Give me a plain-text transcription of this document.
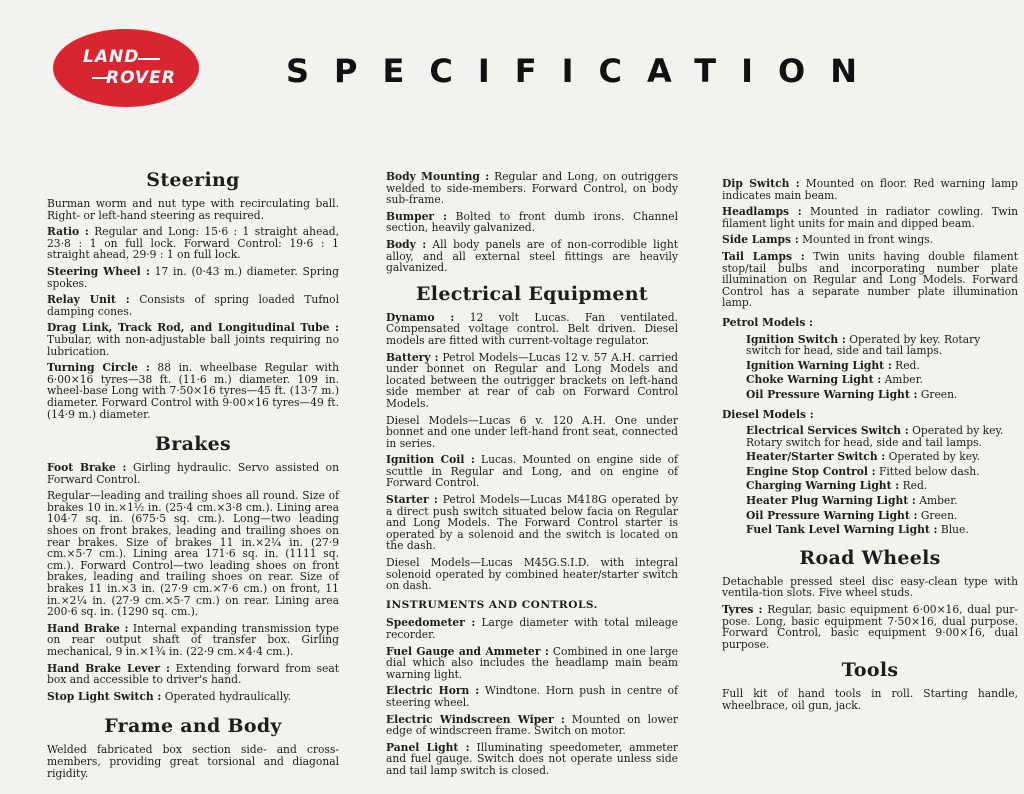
LAND
ROVER	SPECIFICATION
Steering

Burman worm and nut type with recirculating ball. Right- or left-hand steering as required.

Ratio : Regular and Long: 15·6 : 1 straight ahead, 23·8 : 1 on full lock. Forward Control: 19·6 : 1 straight ahead, 29·9 : 1 on full lock.

Steering Wheel : 17 in. (0·43 m.) diameter. Spring spokes.

Relay Unit : Consists of spring loaded Tufnol damping cones.

Drag Link, Track Rod, and Longitudinal Tube : Tubular, with non-adjustable ball joints requiring no lubrication.

Turning Circle : 88 in. wheelbase Regular with 6·00×16 tyres—38 ft. (11·6 m.) diameter. 109 in. wheel-base Long with 7·50×16 tyres—45 ft. (13·7 m.) diameter. Forward Control with 9·00×16 tyres—49 ft. (14·9 m.) diameter.

Brakes

Foot Brake : Girling hydraulic. Servo assisted on Forward Control.

Regular—leading and trailing shoes all round. Size of brakes 10 in.×1½ in. (25·4 cm.×3·8 cm.). Lining area 104·7 sq. in. (675·5 sq. cm.). Long—two leading shoes on front brakes, leading and trailing shoes on rear brakes. Size of brakes 11 in.×2¼ in. (27·9 cm.×5·7 cm.). Lining area 171·6 sq. in. (1111 sq. cm.). Forward Control—two leading shoes on front brakes, leading and trailing shoes on rear. Size of brakes 11 in.×3 in. (27·9 cm.×7·6 cm.) on front, 11 in.×2¼ in. (27·9 cm.×5·7 cm.) on rear. Lining area 200·6 sq. in. (1290 sq. cm.).

Hand Brake : Internal expanding transmission type on rear output shaft of transfer box. Girling mechanical, 9 in.×1¾ in. (22·9 cm.×4·4 cm.).

Hand Brake Lever : Extending forward from seat box and accessible to driver's hand.

Stop Light Switch : Operated hydraulically.

Frame and Body

Welded fabricated box section side- and cross-members, providing great torsional and diagonal rigidity.

Body Mounting : Regular and Long, on outriggers welded to side-members. Forward Control, on body sub-frame.

Bumper : Bolted to front dumb irons. Channel section, heavily galvanized.

Body : All body panels are of non-corrodible light alloy, and all external steel fittings are heavily galvanized.

Electrical Equipment

Dynamo : 12 volt Lucas. Fan ventilated. Compensated voltage control. Belt driven. Diesel models are fitted with current-voltage regulator.

Battery : Petrol Models—Lucas 12 v. 57 A.H. carried under bonnet on Regular and Long Models and located between the outrigger brackets on left-hand side member at rear of cab on Forward Control Models.

Diesel Models—Lucas 6 v. 120 A.H. One under bonnet and one under left-hand front seat, connected in series.

Ignition Coil : Lucas. Mounted on engine side of scuttle in Regular and Long, and on engine of Forward Control.

Starter : Petrol Models—Lucas M418G operated by a direct push switch situated below facia on Regular and Long Models. The Forward Control starter is operated by a solenoid and the switch is located on the dash.

Diesel Models—Lucas M45G.S.I.D. with integral solenoid operated by combined heater/starter switch on dash.

INSTRUMENTS AND CONTROLS.

Speedometer : Large diameter with total mileage recorder.

Fuel Gauge and Ammeter : Combined in one large dial which also includes the headlamp main beam warning light.

Electric Horn : Windtone. Horn push in centre of steering wheel.

Electric Windscreen Wiper : Mounted on lower edge of windscreen frame. Switch on motor.

Panel Light : Illuminating speedometer, ammeter and fuel gauge. Switch does not operate unless side and tail lamp switch is closed.

Dip Switch : Mounted on floor. Red warning lamp indicates main beam.

Headlamps : Mounted in radiator cowling. Twin filament light units for main and dipped beam.

Side Lamps : Mounted in front wings.

Tail Lamps : Twin units having double filament stop/tail bulbs and incorporating number plate illumination on Regular and Long Models. Forward Control has a separate number plate illumination lamp.

Petrol Models :

Ignition Switch : Operated by key. Rotary switch for head, side and tail lamps.

Ignition Warning Light : Red.

Choke Warning Light : Amber.

Oil Pressure Warning Light : Green.

Diesel Models :

Electrical Services Switch : Operated by key. Rotary switch for head, side and tail lamps.

Heater/Starter Switch : Operated by key.

Engine Stop Control : Fitted below dash.

Charging Warning Light : Red.

Heater Plug Warning Light : Amber.

Oil Pressure Warning Light : Green.

Fuel Tank Level Warning Light : Blue.

Road Wheels

Detachable pressed steel disc easy-clean type with ventila-tion slots. Five wheel studs.

Tyres : Regular, basic equipment 6·00×16, dual pur-pose. Long, basic equipment 7·50×16, dual purpose. Forward Control, basic equipment 9·00×16, dual purpose.

Tools

Full kit of hand tools in roll. Starting handle, wheelbrace, oil gun, jack.
